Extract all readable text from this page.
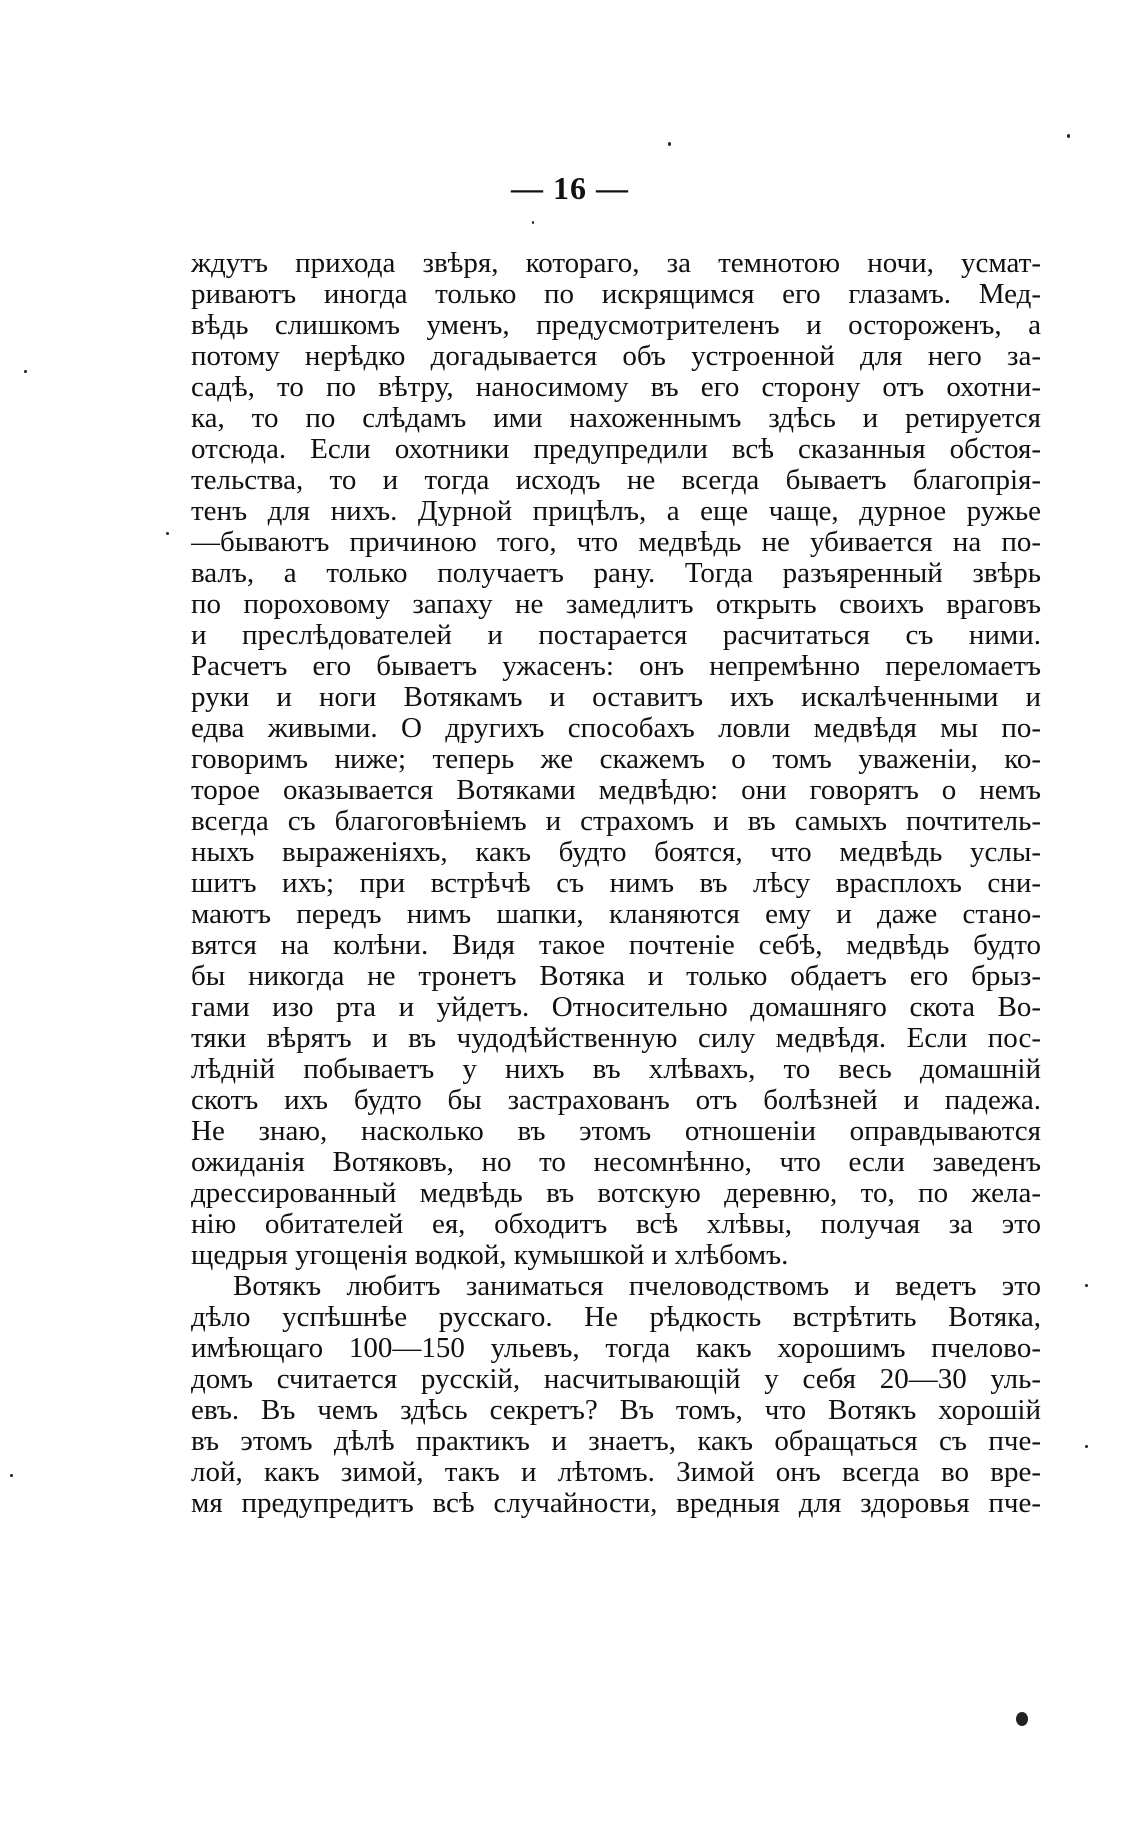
— 16 —
ждутъ прихода звѣря, котораго, за темнотою ночи, усмат-
риваютъ иногда только по искрящимся его глазамъ. Мед-
вѣдь слишкомъ уменъ, предусмотрителенъ и остороженъ, а
потому нерѣдко догадывается объ устроенной для него за-
садѣ, то по вѣтру, наносимому въ его сторону отъ охотни-
ка, то по слѣдамъ ими нахоженнымъ здѣсь и ретируется
отсюда. Если охотники предупредили всѣ сказанныя обстоя-
тельства, то и тогда исходъ не всегда бываетъ благопрія-
тенъ для нихъ. Дурной прицѣлъ, а еще чаще, дурное ружье
—бываютъ причиною того, что медвѣдь не убивается на по-
валъ, а только получаетъ рану. Тогда разъяренный звѣрь
по пороховому запаху не замедлитъ открыть своихъ враговъ
и преслѣдователей и постарается расчитаться съ ними.
Расчетъ его бываетъ ужасенъ: онъ непремѣнно переломаетъ
руки и ноги Вотякамъ и оставитъ ихъ искалѣченными и
едва живыми. О другихъ способахъ ловли медвѣдя мы по-
говоримъ ниже; теперь же скажемъ о томъ уваженіи, ко-
торое оказывается Вотяками медвѣдю: они говорятъ о немъ
всегда съ благоговѣніемъ и страхомъ и въ самыхъ почтитель-
ныхъ выраженіяхъ, какъ будто боятся, что медвѣдь услы-
шитъ ихъ; при встрѣчѣ съ нимъ въ лѣсу врасплохъ сни-
маютъ передъ нимъ шапки, кланяются ему и даже стано-
вятся на колѣни. Видя такое почтеніе себѣ, медвѣдь будто
бы никогда не тронетъ Вотяка и только обдаетъ его брыз-
гами изо рта и уйдетъ. Относительно домашняго скота Во-
тяки вѣрятъ и въ чудодѣйственную силу медвѣдя. Если пос-
лѣдній побываетъ у нихъ въ хлѣвахъ, то весь домашній
скотъ ихъ будто бы застрахованъ отъ болѣзней и падежа.
Не знаю, насколько въ этомъ отношеніи оправдываются
ожиданія Вотяковъ, но то несомнѣнно, что если заведенъ
дрессированный медвѣдь въ вотскую деревню, то, по жела-
нію обитателей ея, обходитъ всѣ хлѣвы, получая за это
щедрыя угощенія водкой, кумышкой и хлѣбомъ.
Вотякъ любитъ заниматься пчеловодствомъ и ведетъ это
дѣло успѣшнѣе русскаго. Не рѣдкость встрѣтить Вотяка,
имѣющаго 100—150 ульевъ, тогда какъ хорошимъ пчеловo-
домъ считается русскій, насчитывающій у себя 20—30 уль-
евъ. Въ чемъ здѣсь секретъ? Въ томъ, что Вотякъ хорошій
въ этомъ дѣлѣ практикъ и знаетъ, какъ обращаться съ пче-
лой, какъ зимой, такъ и лѣтомъ. Зимой онъ всегда во вре-
мя предупредитъ всѣ случайности, вредныя для здоровья пче-
